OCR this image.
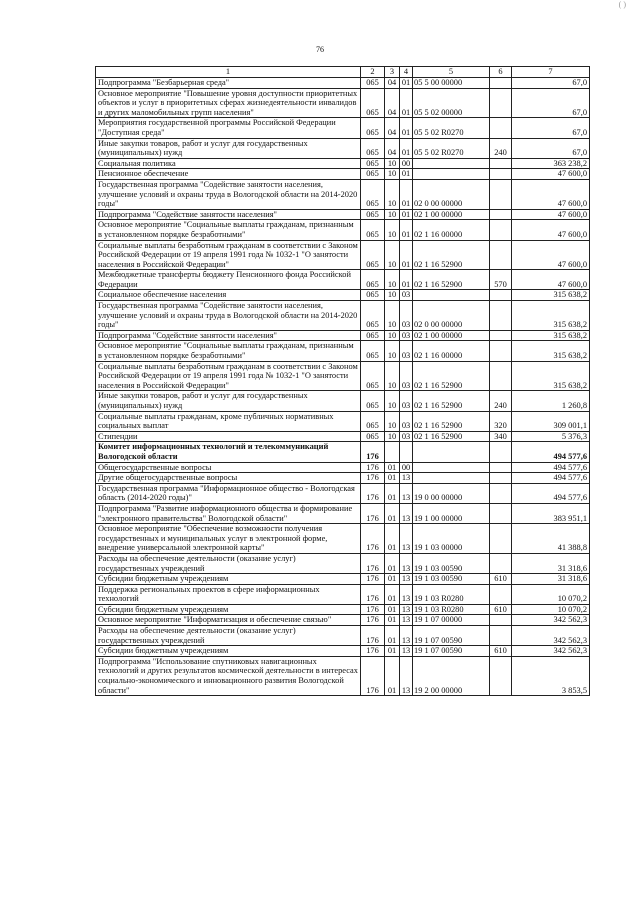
( )
76
1	2	3	4	5	6	7
Подпрограмма "Безбарьерная среда"	065	04	01	05 5 00 00000		67,0
Основное мероприятие "Повышение уровня доступности приоритетных объектов и услуг в приоритетных сферах жизнедеятельности инвалидов и других маломобильных групп населения"	065	04	01	05 5 02 00000		67,0
Мероприятия государственной программы Российской Федерации "Доступная среда"	065	04	01	05 5 02 R0270		67,0
Иные закупки товаров, работ и услуг для государственных (муниципальных) нужд	065	04	01	05 5 02 R0270	240	67,0
Социальная политика	065	10	00			363 238,2
Пенсионное обеспечение	065	10	01			47 600,0
Государственная программа "Содействие занятости населения, улучшение условий и охраны труда в Вологодской области на 2014-2020 годы"	065	10	01	02 0 00 00000		47 600,0
Подпрограмма "Содействие занятости населения"	065	10	01	02 1 00 00000		47 600,0
Основное мероприятие "Социальные выплаты гражданам, признанным в установленном порядке безработными"	065	10	01	02 1 16 00000		47 600,0
Социальные выплаты безработным гражданам в соответствии с Законом Российской Федерации от 19 апреля 1991 года № 1032-1 "О занятости населения в Российской Федерации"	065	10	01	02 1 16 52900		47 600,0
Межбюджетные трансферты бюджету Пенсионного фонда Российской Федерации	065	10	01	02 1 16 52900	570	47 600,0
Социальное обеспечение населения	065	10	03			315 638,2
Государственная программа "Содействие занятости населения, улучшение условий и охраны труда в Вологодской области на 2014-2020 годы"	065	10	03	02 0 00 00000		315 638,2
Подпрограмма "Содействие занятости населения"	065	10	03	02 1 00 00000		315 638,2
Основное мероприятие "Социальные выплаты гражданам, признанным в установленном порядке безработными"	065	10	03	02 1 16 00000		315 638,2
Социальные выплаты безработным гражданам в соответствии с Законом Российской Федерации от 19 апреля 1991 года № 1032-1 "О занятости населения в Российской Федерации"	065	10	03	02 1 16 52900		315 638,2
Иные закупки товаров, работ и услуг для государственных (муниципальных) нужд	065	10	03	02 1 16 52900	240	1 260,8
Социальные выплаты гражданам, кроме публичных нормативных социальных выплат	065	10	03	02 1 16 52900	320	309 001,1
Стипендии	065	10	03	02 1 16 52900	340	5 376,3
Комитет информационных технологий и телекоммуникаций Вологодской области	176					494 577,6
Общегосударственные вопросы	176	01	00			494 577,6
Другие общегосударственные вопросы	176	01	13			494 577,6
Государственная программа "Информационное общество - Вологодская область (2014-2020 годы)"	176	01	13	19 0 00 00000		494 577,6
Подпрограмма "Развитие информационного общества и формирование "электронного правительства" Вологодской области"	176	01	13	19 1 00 00000		383 951,1
Основное мероприятие "Обеспечение возможности получения государственных и муниципальных услуг в электронной форме, внедрение универсальной электронной карты"	176	01	13	19 1 03 00000		41 388,8
Расходы на обеспечение деятельности (оказание услуг) государственных учреждений	176	01	13	19 1 03 00590		31 318,6
Субсидии бюджетным учреждениям	176	01	13	19 1 03 00590	610	31 318,6
Поддержка региональных проектов в сфере информационных технологий	176	01	13	19 1 03 R0280		10 070,2
Субсидии бюджетным учреждениям	176	01	13	19 1 03 R0280	610	10 070,2
Основное мероприятие "Информатизация и обеспечение связью"	176	01	13	19 1 07 00000		342 562,3
Расходы на обеспечение деятельности (оказание услуг) государственных учреждений	176	01	13	19 1 07 00590		342 562,3
Субсидии бюджетным учреждениям	176	01	13	19 1 07 00590	610	342 562,3
Подпрограмма "Использование спутниковых навигационных технологий и других результатов космической деятельности в интересах социально-экономического и инновационного развития Вологодской области"	176	01	13	19 2 00 00000		3 853,5
